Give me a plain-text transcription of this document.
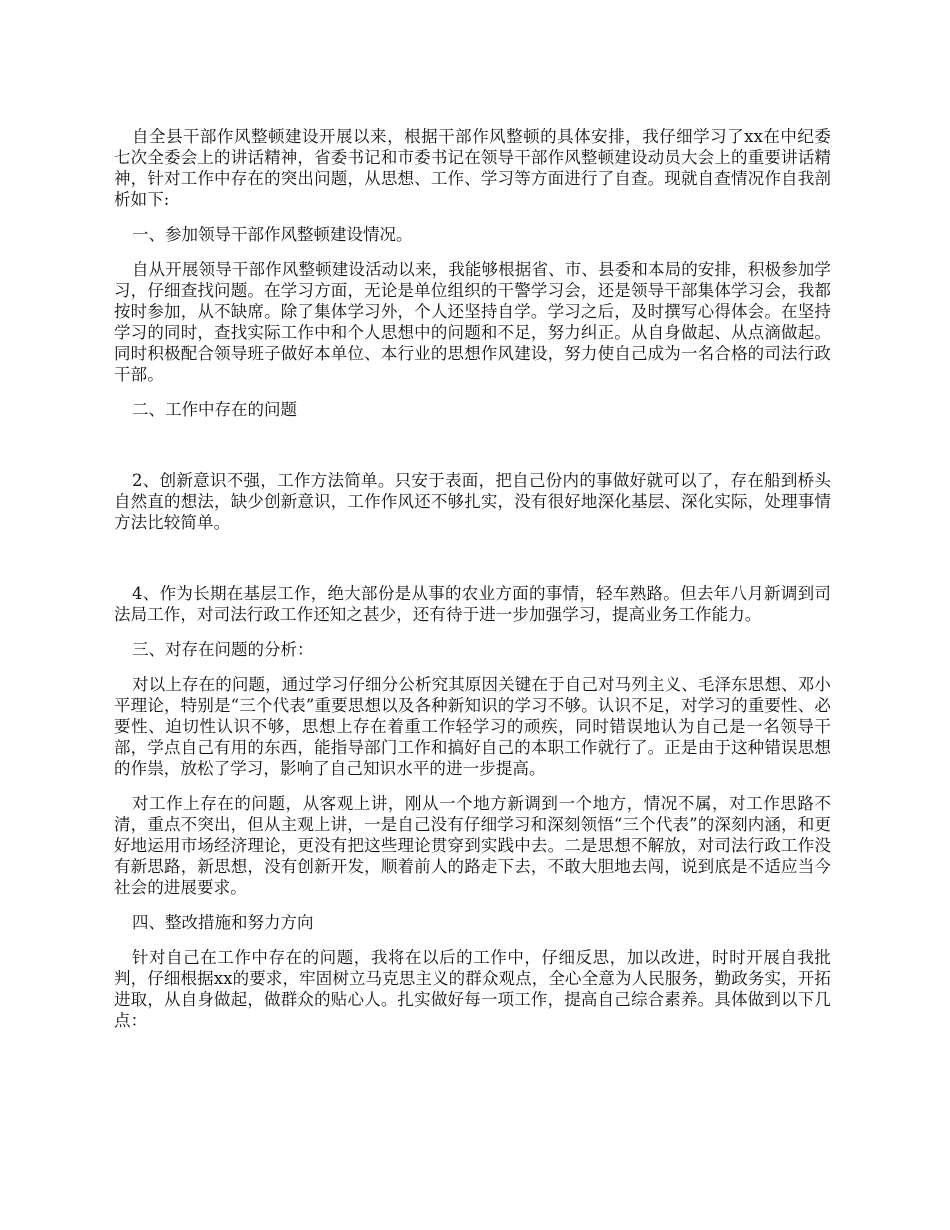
自全县干部作风整顿建设开展以来，根据干部作风整顿的具体安排，我仔细学习了xx在中纪委七次全委会上的讲话精神，省委书记和市委书记在领导干部作风整顿建设动员大会上的重要讲话精神，针对工作中存在的突出问题，从思想、工作、学习等方面进行了自查。现就自查情况作自我剖析如下:

一、参加领导干部作风整顿建设情况。

自从开展领导干部作风整顿建设活动以来，我能够根据省、市、县委和本局的安排，积极参加学习，仔细查找问题。在学习方面，无论是单位组织的干警学习会，还是领导干部集体学习会，我都按时参加，从不缺席。除了集体学习外，个人还坚持自学。学习之后，及时撰写心得体会。在坚持学习的同时，查找实际工作中和个人思想中的问题和不足，努力纠正。从自身做起、从点滴做起。同时积极配合领导班子做好本单位、本行业的思想作风建设，努力使自己成为一名合格的司法行政干部。

二、工作中存在的问题

2、创新意识不强，工作方法简单。只安于表面，把自己份内的事做好就可以了，存在船到桥头自然直的想法，缺少创新意识，工作作风还不够扎实，没有很好地深化基层、深化实际，处理事情方法比较简单。

4、作为长期在基层工作，绝大部份是从事的农业方面的事情，轻车熟路。但去年八月新调到司法局工作，对司法行政工作还知之甚少，还有待于进一步加强学习，提高业务工作能力。

三、对存在问题的分析：

对以上存在的问题，通过学习仔细分公析究其原因关键在于自己对马列主义、毛泽东思想、邓小平理论，特别是“三个代表”重要思想以及各种新知识的学习不够。认识不足，对学习的重要性、必要性、迫切性认识不够，思想上存在着重工作轻学习的顽疾，同时错误地认为自己是一名领导干部，学点自己有用的东西，能指导部门工作和搞好自己的本职工作就行了。正是由于这种错误思想的作祟，放松了学习，影响了自己知识水平的进一步提高。

对工作上存在的问题，从客观上讲，刚从一个地方新调到一个地方，情况不属，对工作思路不清，重点不突出，但从主观上讲，一是自己没有仔细学习和深刻领悟“三个代表”的深刻内涵，和更好地运用市场经济理论，更没有把这些理论贯穿到实践中去。二是思想不解放，对司法行政工作没有新思路，新思想，没有创新开发，顺着前人的路走下去，不敢大胆地去闯，说到底是不适应当今社会的进展要求。

四、整改措施和努力方向

针对自己在工作中存在的问题，我将在以后的工作中，仔细反思，加以改进，时时开展自我批判，仔细根据xx的要求，牢固树立马克思主义的群众观点，全心全意为人民服务，勤政务实，开拓进取，从自身做起，做群众的贴心人。扎实做好每一项工作，提高自己综合素养。具体做到以下几点：
